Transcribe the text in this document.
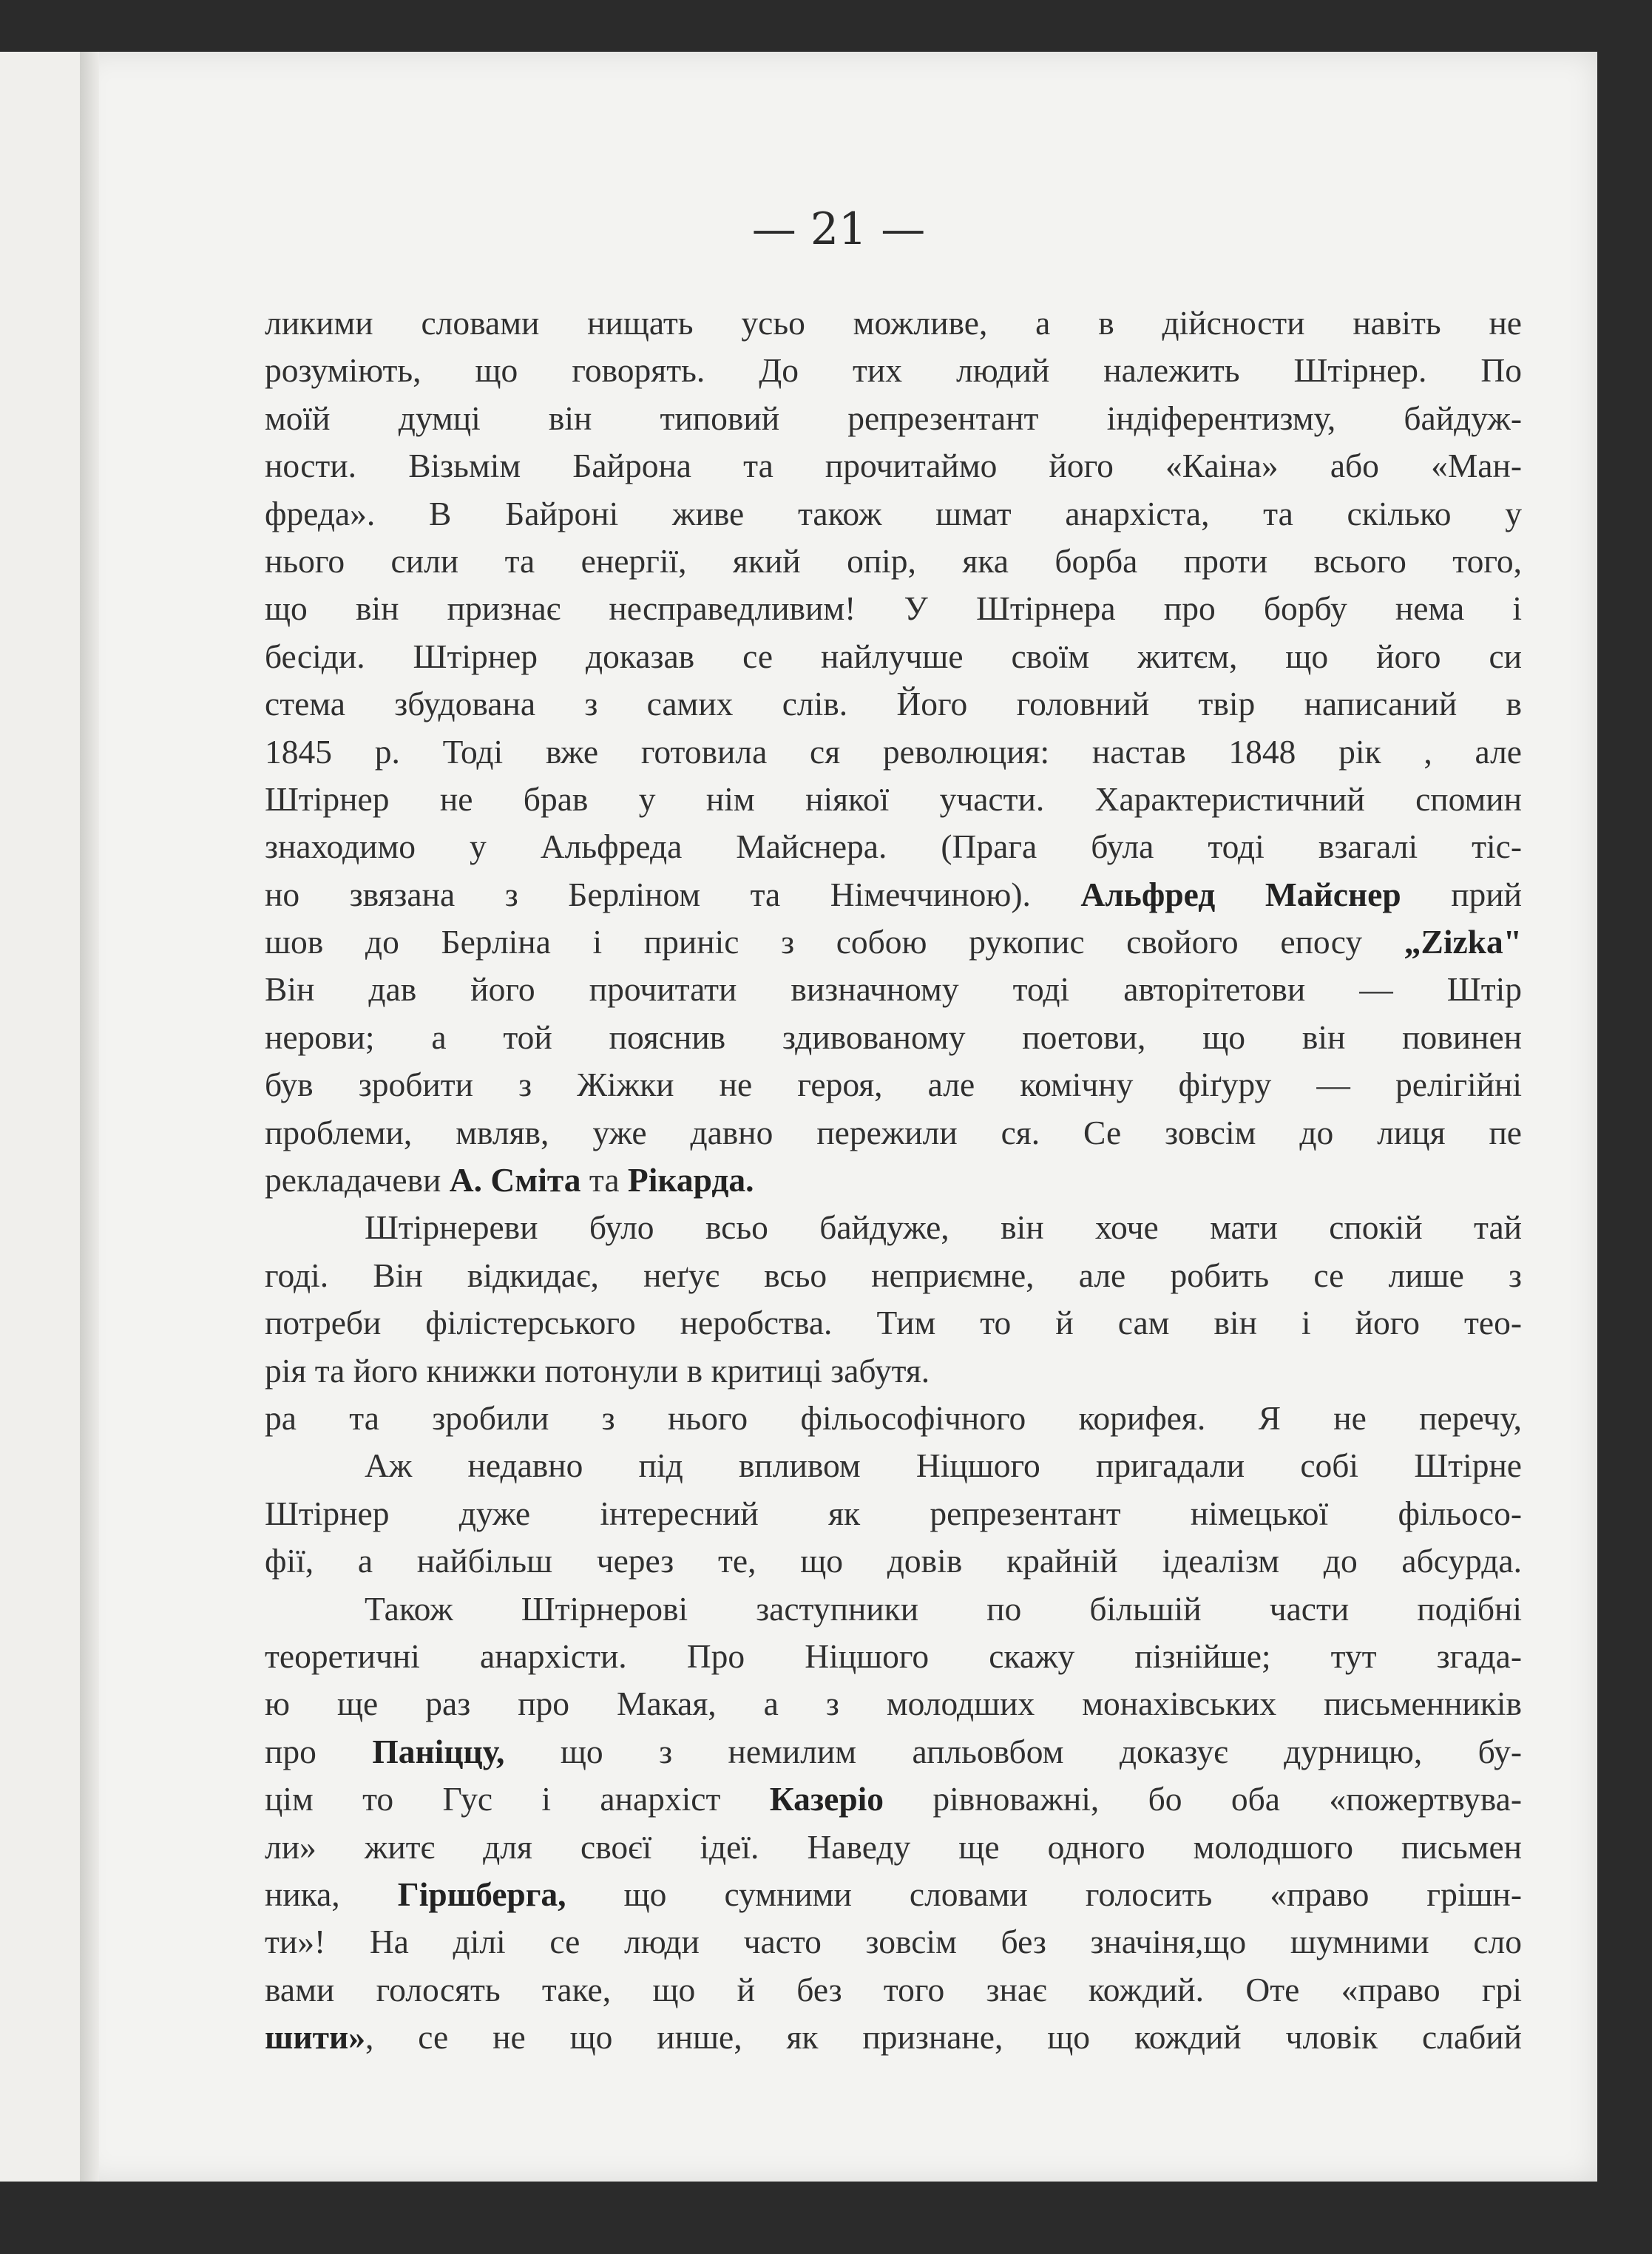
— 21 —
ликими словами нищать усьо можливе, а в дійсности навіть не
розуміють, що говорять. До тих людий належить Штірнер. По
моїй думці він типовий репрезентант індіферентизму, байдуж-
ности. Візьмім Байрона та прочитаймо його «Каіна» або «Ман-
фреда». В Байроні живе також шмат анархіста, та скілько у
нього сили та енергії, який опір, яка борба проти всього того,
що він признає несправедливим! У Штірнера про борбу нема і
бесіди. Штірнер доказав се найлучше своїм житєм, що його си
стема збудована з самих слів. Його головний твір написаний в
1845 р. Тоді вже готовила ся революция: настав 1848 рік , але
Штірнер не брав у нім ніякої участи. Характеристичний спомин
знаходимо у Альфреда Майснера. (Прага була тоді взагалі тіс-
но звязана з Берліном та Німеччиною). Альфред Майснер прий
шов до Берліна і приніс з собою рукопис свойого епосу „Zizka"
Він дав його прочитати визначному тоді авторітетови — Штір
нерови; а той пояснив здивованому поетови, що він повинен
був зробити з Жіжки не героя, але комічну фіґуру — релігійні
проблеми, мвляв, уже давно пережили ся. Се зовсім до лиця пе
рекладачеви А. Сміта та Рікарда.
Штірнереви було всьо байдуже, він хоче мати спокій тай
годі. Він відкидає, неґує всьо неприємне, але робить се лише з
потреби філістерського неробства. Тим то й сам він і його тео-
рія та його книжки потонули в критиці забутя.
ра та зробили з нього фільософічного корифея. Я не перечу,
Аж недавно під впливом Ніцшого пригадали собі Штірне
Штірнер дуже інтересний як репрезентант німецької фільосо-
фії, а найбільш через те, що довів крайній ідеалізм до абсурда.
Також Штірнерові заступники по більшій части подібні
теоретичні анархісти. Про Ніцшого скажу пізнійше; тут згада-
ю ще раз про Макая, а з молодших монахівських письменників
про Паніццу, що з немилим апльовбом доказує дурницю, бу-
цім то Гус і анархіст Казеріо рівноважні, бо оба «пожертвува-
ли» житє для своєї ідеї. Наведу ще одного молодшого письмен
ника, Гіршберга, що сумними словами голосить «право грішн-
ти»! На ділі се люди часто зовсім без значіня,що шумними сло
вами голосять таке, що й без того знає кождий. Оте «право грі
шити», се не що инше, як признане, що кождий чловік слабий
